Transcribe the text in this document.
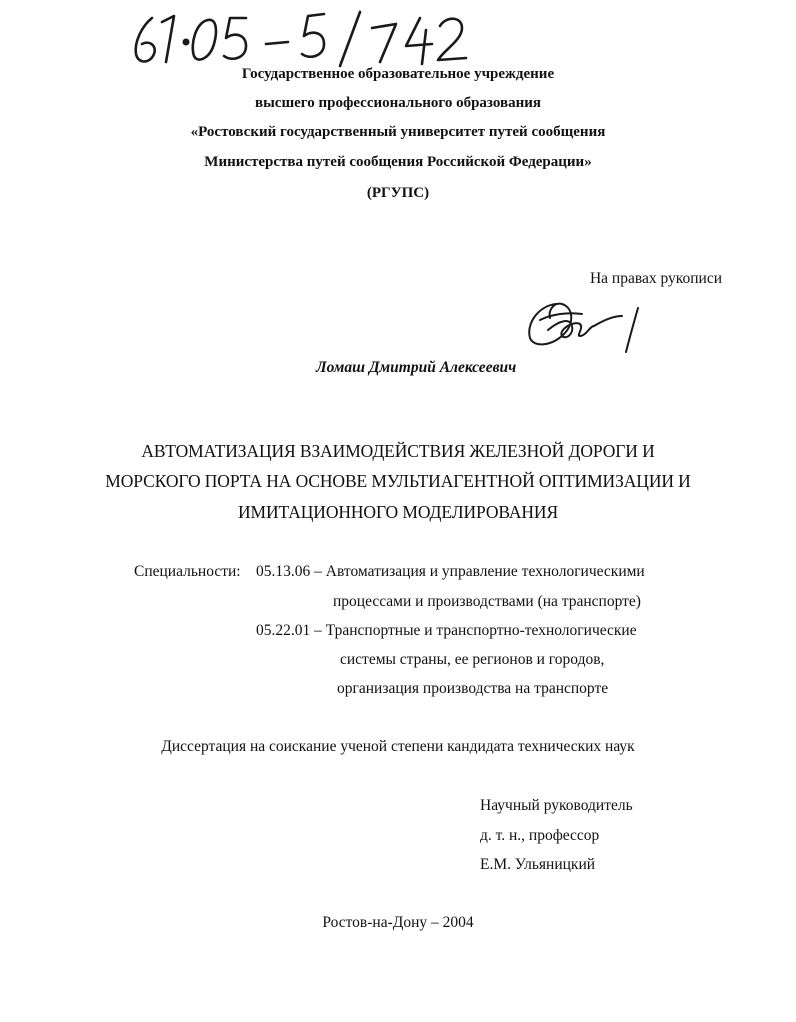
Государственное образовательное учреждение
высшего профессионального образования
«Ростовский государственный университет путей сообщения
Министерства путей сообщения Российской Федерации»
(РГУПС)
На правах рукописи
Ломаш Дмитрий Алексеевич
АВТОМАТИЗАЦИЯ ВЗАИМОДЕЙСТВИЯ ЖЕЛЕЗНОЙ ДОРОГИ И
МОРСКОГО ПОРТА НА ОСНОВЕ МУЛЬТИАГЕНТНОЙ ОПТИМИЗАЦИИ И
ИМИТАЦИОННОГО МОДЕЛИРОВАНИЯ
Специальности: 05.13.06 – Автоматизация и управление технологическими
процессами и производствами (на транспорте)
05.22.01 – Транспортные и транспортно-технологические
системы страны, ее регионов и городов,
организация производства на транспорте
Диссертация на соискание ученой степени кандидата технических наук
Научный руководитель
д. т. н., профессор
Е.М. Ульяницкий
Ростов-на-Дону – 2004
